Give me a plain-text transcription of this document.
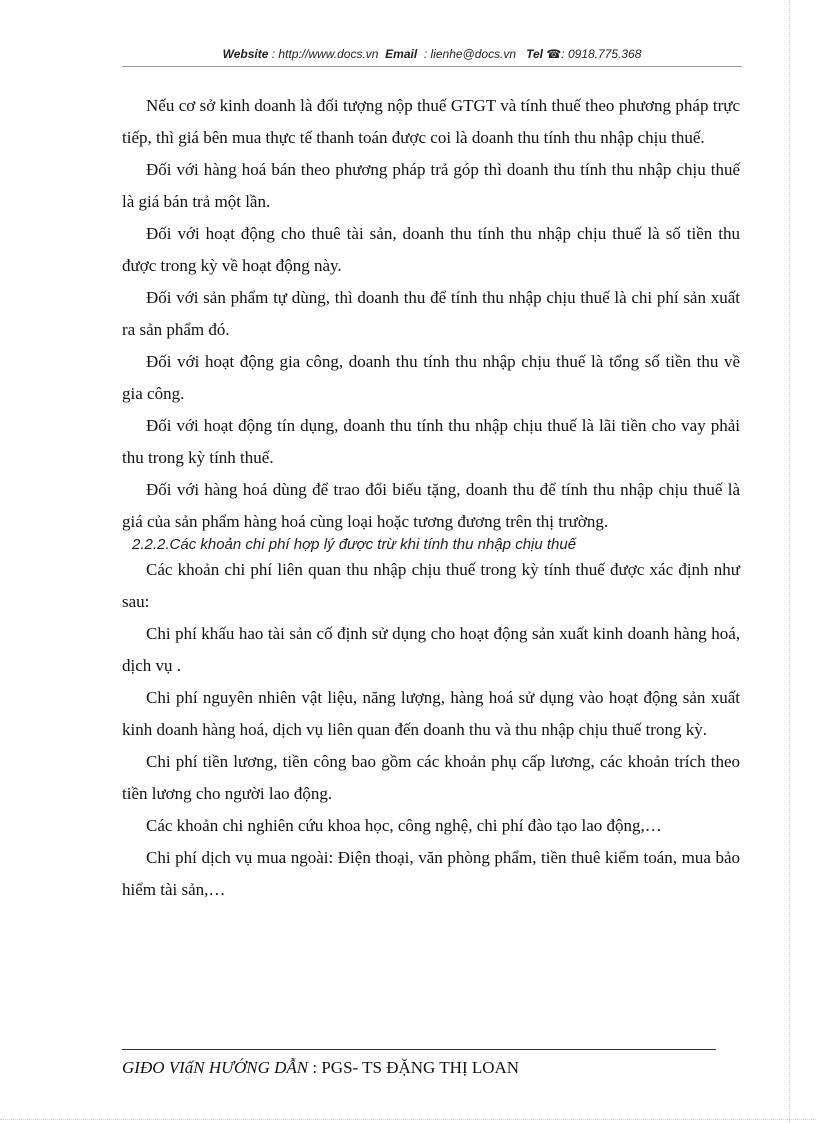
Website : http://www.docs.vn Email : lienhe@docs.vn Tel ☎: 0918.775.368

Nếu cơ sở kinh doanh là đối tượng nộp thuế GTGT và tính thuế theo phương pháp trực tiếp, thì giá bên mua thực tế thanh toán được coi là doanh thu tính thu nhập chịu thuế.

Đối với hàng hoá bán theo phương pháp trả góp thì doanh thu tính thu nhập chịu thuế là giá bán trả một lần.

Đối với hoạt động cho thuê tài sản, doanh thu tính thu nhập chịu thuế là số tiền thu được trong kỳ về hoạt động này.

Đối với sản phẩm tự dùng, thì doanh thu để tính thu nhập chịu thuế là chi phí sản xuất ra sản phẩm đó.

Đối với hoạt động gia công, doanh thu tính thu nhập chịu thuế là tổng số tiền thu về gia công.

Đối với hoạt động tín dụng, doanh thu tính thu nhập chịu thuế là lãi tiền cho vay phải thu trong kỳ tính thuế.

Đối với hàng hoá dùng để trao đổi biếu tặng, doanh thu để tính thu nhập chịu thuế là giá của sản phẩm hàng hoá cùng loại hoặc tương đương trên thị trường.

2.2.2.Các khoản chi phí hợp lý được trừ khi tính thu nhập chịu thuế

Các khoản chi phí liên quan thu nhập chịu thuế trong kỳ tính thuế được xác định như sau:

Chi phí khấu hao tài sản cố định sử dụng cho hoạt động sản xuất kinh doanh hàng hoá, dịch vụ .

Chi phí nguyên nhiên vật liệu, năng lượng, hàng hoá sử dụng vào hoạt động sản xuất kinh doanh hàng hoá, dịch vụ liên quan đến doanh thu và thu nhập chịu thuế trong kỳ.

Chi phí tiền lương, tiền công bao gồm các khoản phụ cấp lương, các khoản trích theo tiền lương cho người lao động.

Các khoản chi nghiên cứu khoa học, công nghệ, chi phí đào tạo lao động,…

Chi phí dịch vụ mua ngoài: Điện thoại, văn phòng phẩm, tiền thuê kiểm toán, mua bảo hiểm tài sản,…

GIĐO VIấN HƯỚNG DẪN : PGS- TS ĐẶNG THỊ LOAN
